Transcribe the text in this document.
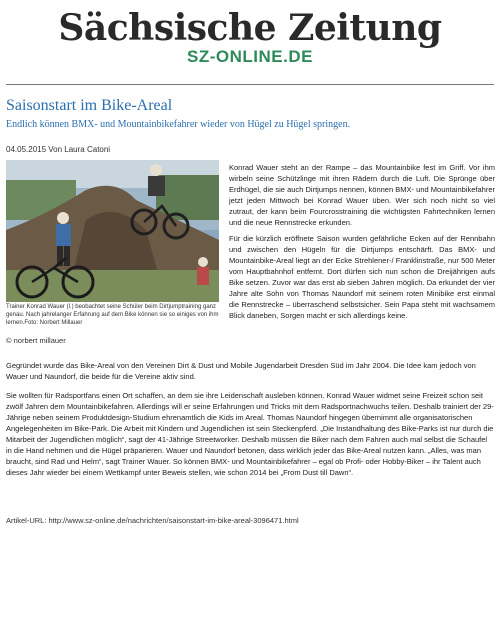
Sächsische Zeitung
SZ-ONLINE.DE
Saisonstart im Bike-Areal
Endlich können BMX- und Mountainbikefahrer wieder von Hügel zu Hügel springen.
04.05.2015 Von Laura Catoni
Trainer Konrad Wauer (l.) beobachtet seine Schüler beim Dirtjumptraining ganz genau. Nach jahrelanger Erfahrung auf dem Bike können sie so einiges von ihm lernen.Foto: Norbert Millauer
© norbert millauer

Konrad Wauer steht an der Rampe – das Mountainbike fest im Griff. Vor ihm wirbeln seine Schützlinge mit ihren Rädern durch die Luft. Die Sprünge über Erdhügel, die sie auch Dirtjumps nennen, können BMX- und Mountainbikefahrer jetzt jeden Mittwoch bei Konrad Wauer üben. Wer sich noch nicht so viel zutraut, der kann beim Fourcrosstraining die wichtigsten Fahrtechniken lernen und die neue Rennstrecke erkunden.

Für die kürzlich eröffnete Saison wurden gefährliche Ecken auf der Rennbahn und zwischen den Hügeln für die Dirtjumps entschärft. Das BMX- und Mountainbike-Areal liegt an der Ecke Strehlener-/ Franklinstraße, nur 500 Meter vom Hauptbahnhof entfernt. Dort dürfen sich nun schon die Dreijährigen aufs Bike setzen. Zuvor war das erst ab sieben Jahren möglich. Da erkundet der vier Jahre alte Sohn von Thomas Naundorf mit seinem roten Minibike erst einmal die Rennstrecke – überraschend selbstsicher. Sein Papa steht mit wachsamem Blick daneben, Sorgen macht er sich allerdings keine.

Gegründet wurde das Bike-Areal von den Vereinen Dirt & Dust und Mobile Jugendarbeit Dresden Süd im Jahr 2004. Die Idee kam jedoch von Wauer und Naundorf, die beide für die Vereine aktiv sind.
Sie wollten für Radsportfans einen Ort schaffen, an dem sie ihre Leidenschaft ausleben können. Konrad Wauer widmet seine Freizeit schon seit zwölf Jahren dem Mountainbikefahren. Allerdings will er seine Erfahrungen und Tricks mit dem Radsportnachwuchs teilen. Deshalb trainiert der 29-Jährige neben seinem Produktdesign-Studium ehrenamtlich die Kids im Areal. Thomas Naundorf hingegen übernimmt alle organisatorischen Angelegenheiten im Bike-Park. Die Arbeit mit Kindern und Jugendlichen ist sein Steckenpferd. „Die Instandhaltung des Bike-Parks ist nur durch die Mitarbeit der Jugendlichen möglich“, sagt der 41-Jährige Streetworker. Deshalb müssen die Biker nach dem Fahren auch mal selbst die Schaufel in die Hand nehmen und die Hügel präparieren. Wauer und Naundorf betonen, dass wirklich jeder das Bike-Areal nutzen kann. „Alles, was man braucht, sind Rad und Helm“, sagt Trainer Wauer. So können BMX- und Mountainbikefahrer – egal ob Profi- oder Hobby-Biker – ihr Talent auch dieses Jahr wieder bei einem Wettkampf unter Beweis stellen, wie schon 2014 bei „From Dust till Dawn“.
Artikel-URL: http://www.sz-online.de/nachrichten/saisonstart-im-bike-areal-3096471.html
